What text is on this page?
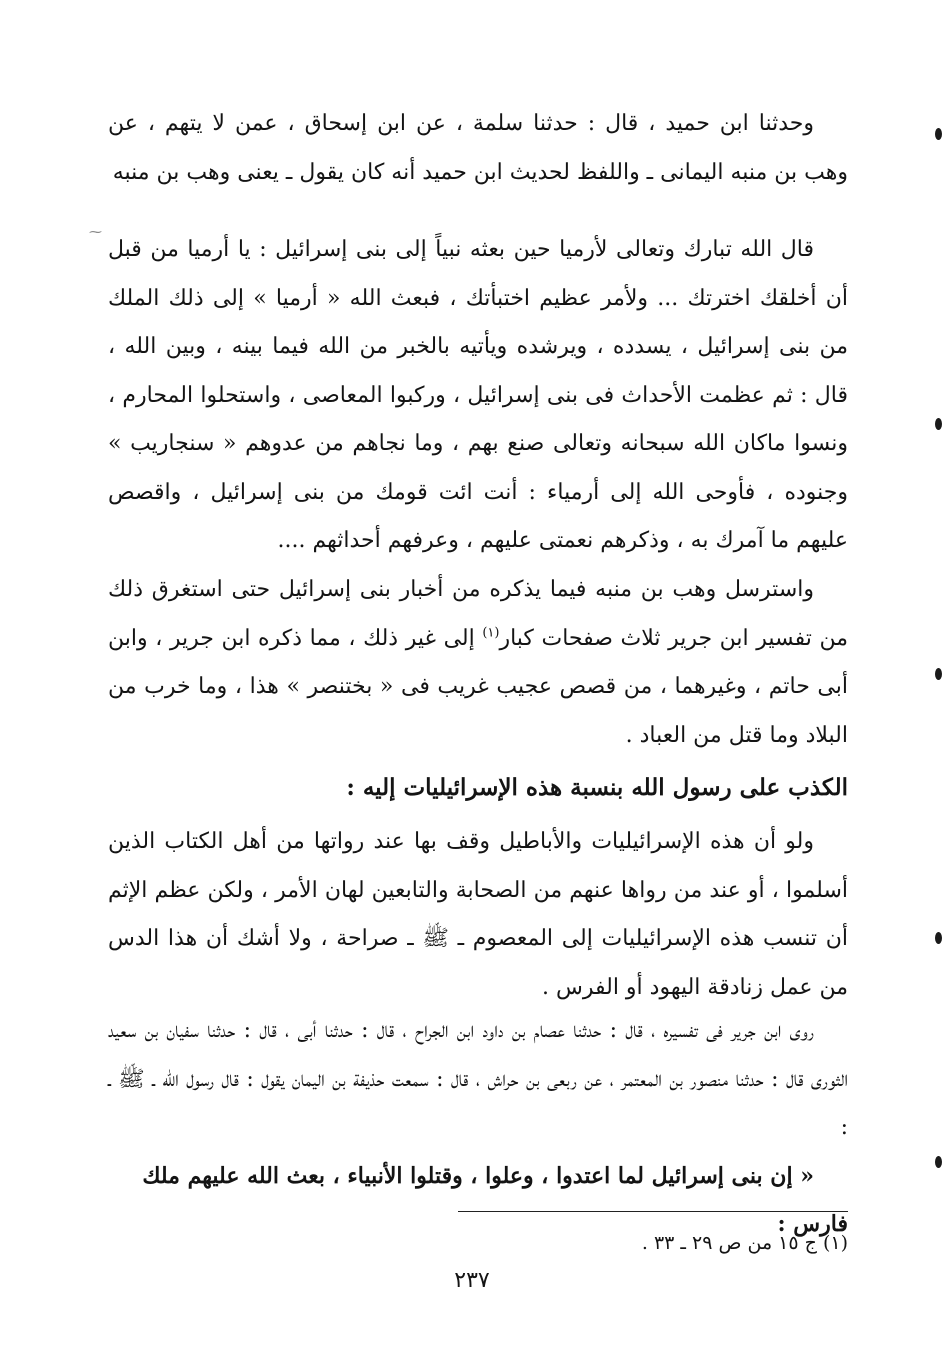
وحدثنا ابن حميد ، قال : حدثنا سلمة ، عن ابن إسحاق ، عمن لا يتهم ، عن وهب بن منبه اليمانى ـ واللفظ لحديث ابن حميد أنه كان يقول ـ يعنى وهب بن منبه

قال الله تبارك وتعالى لأرميا حين بعثه نبياً إلى بنى إسرائيل : يا أرميا من قبل أن أخلقك اخترتك ... ولأمر عظيم اختبأتك ، فبعث الله « أرميا » إلى ذلك الملك من بنى إسرائيل ، يسدده ، ويرشده ويأتيه بالخبر من الله فيما بينه ، وبين الله ، قال : ثم عظمت الأحداث فى بنى إسرائيل ، وركبوا المعاصى ، واستحلوا المحارم ، ونسوا ماكان الله سبحانه وتعالى صنع بهم ، وما نجاهم من عدوهم « سنجاريب » وجنوده ، فأوحى الله إلى أرمياء : أنت ائت قومك من بنى إسرائيل ، واقصص عليهم ما آمرك به ، وذكرهم نعمتى عليهم ، وعرفهم أحداثهم ....

واسترسل وهب بن منبه فيما يذكره من أخبار بنى إسرائيل حتى استغرق ذلك من تفسير ابن جرير ثلاث صفحات كبار$^{(١)}$ إلى غير ذلك ، مما ذكره ابن جرير ، وابن أبى حاتم ، وغيرهما ، من قصص عجيب غريب فى « بختنصر » هذا ، وما خرب من البلاد وما قتل من العباد .

الكذب على رسول الله بنسبة هذه الإسرائيليات إليه :

ولو أن هذه الإسرائيليات والأباطيل وقف بها عند رواتها من أهل الكتاب الذين أسلموا ، أو عند من رواها عنهم من الصحابة والتابعين لهان الأمر ، ولكن عظم الإثم أن تنسب هذه الإسرائيليات إلى المعصوم ـ ﷺ ـ صراحة ، ولا أشك أن هذا الدس من عمل زنادقة اليهود أو الفرس .

روى ابن جرير فى تفسيره ، قال : حدثنا عصام بن داود ابن الجراح ، قال : حدثنا أبى ، قال : حدثنا سفيان بن سعيد الثورى قال : حدثنا منصور بن المعتمر ، عن ربعى بن حراش ، قال : سمعت حذيفة بن اليمان يقول : قال رسول الله ـ ﷺ ـ :

« إن بنى إسرائيل لما اعتدوا ، وعلوا ، وقتلوا الأنبياء ، بعث الله عليهم ملك فارس :

(١) ج ١٥ من ص ٢٩ ـ ٣٣ .

٢٣٧

⁓
